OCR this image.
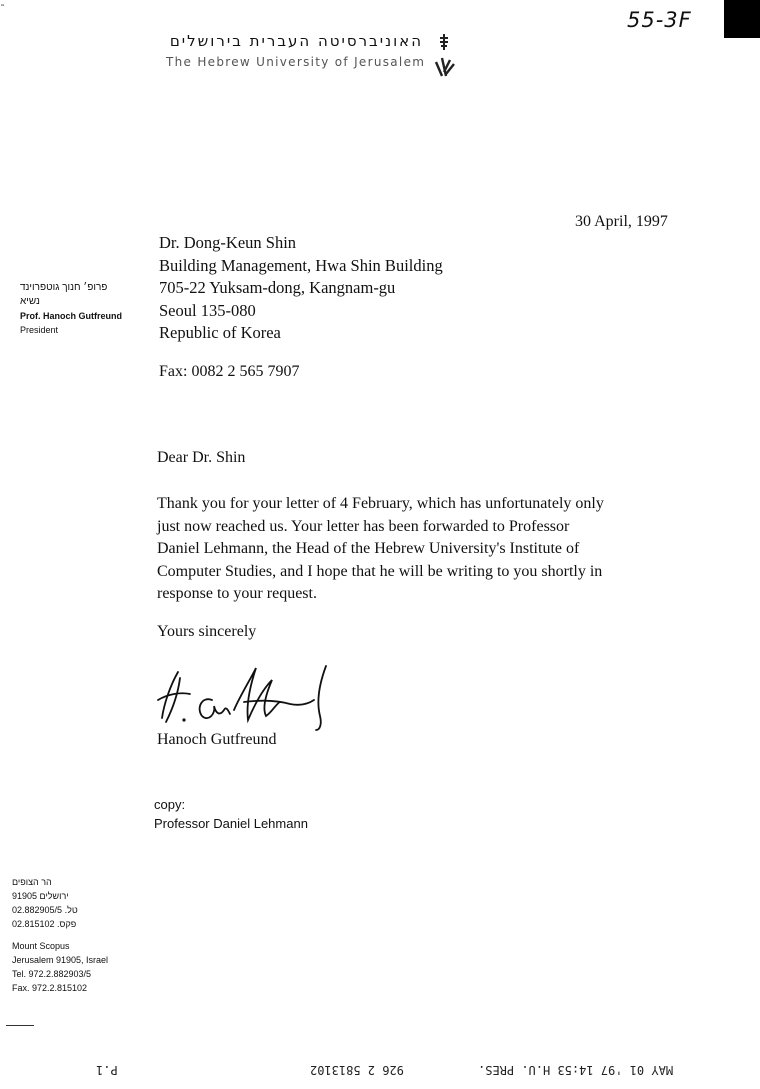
˜	55-3F
האוניברסיטה העברית בירושלים
The Hebrew University of Jerusalem
פרופ׳ חנוך גוטפרוינד
נשיא
Prof. Hanoch Gutfreund
President
30 April, 1997
Dr. Dong-Keun Shin
Building Management, Hwa Shin Building
705-22 Yuksam-dong, Kangnam-gu
Seoul 135-080
Republic of Korea
Fax: 0082 2 565 7907
Dear Dr. Shin
Thank you for your letter of 4 February, which has unfortunately only
just now reached us. Your letter has been forwarded to Professor
Daniel Lehmann, the Head of the Hebrew University's Institute of
Computer Studies, and I hope that he will be writing to you shortly in
response to your request.
Yours sincerely
Hanoch Gutfreund
copy:
Professor Daniel Lehmann
הר הצופים
ירושלים 91905
טל. 02.882905/5
פקס. 02.815102
Mount Scopus
Jerusalem 91905, Israel
Tel. 972.2.882903/5
Fax. 972.2.815102
P.1	926 2 5813102	MAY 01 '97 14:53 H.U. PRES.
